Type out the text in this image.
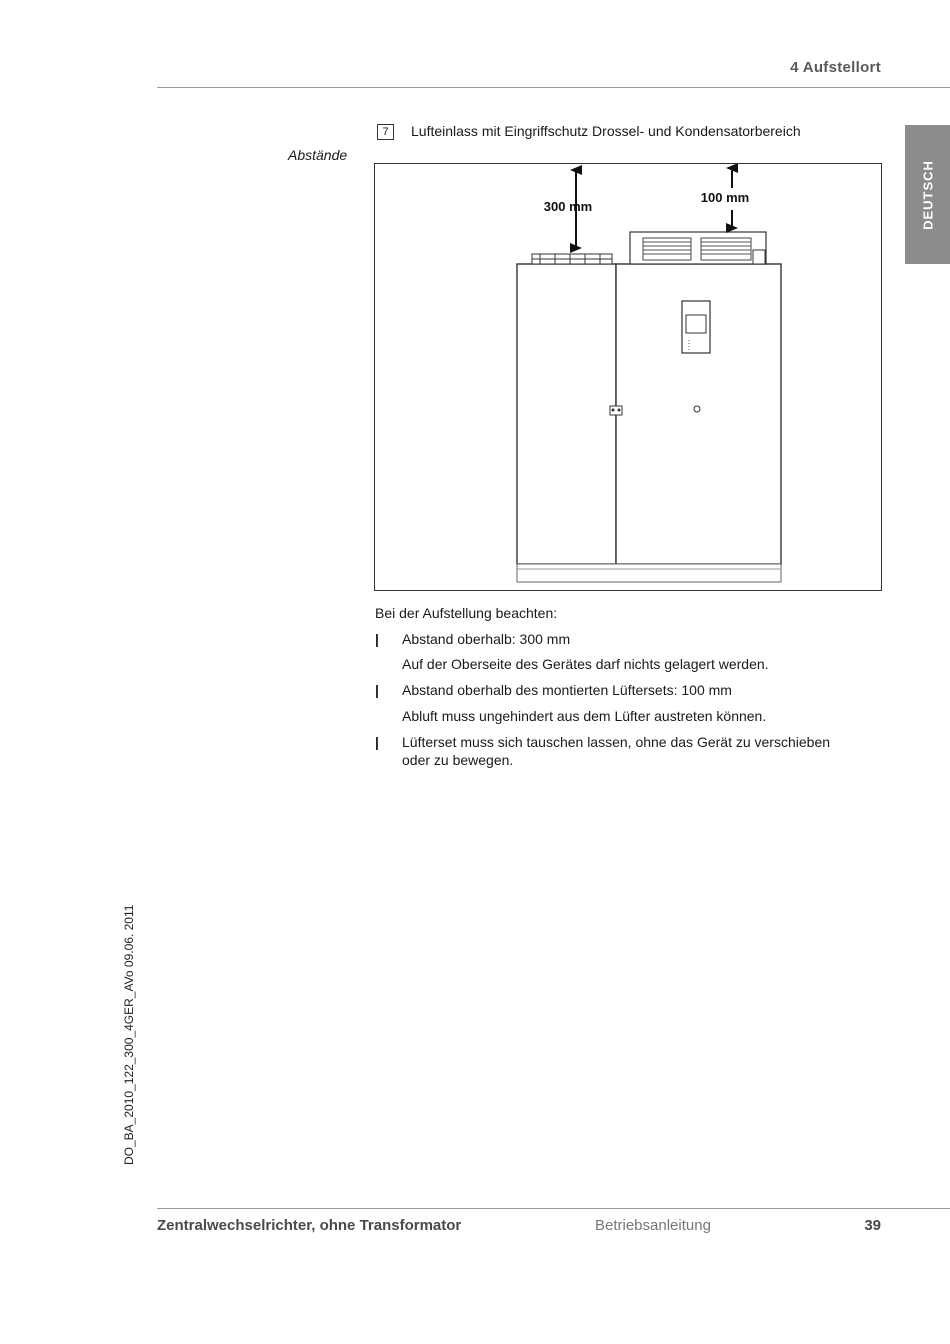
4 Aufstellort
DEUTSCH
7	Lufteinlass mit Eingriffschutz Drossel- und Kondensatorbereich
Abstände
300 mm
100 mm
Bei der Aufstellung beachten:
| Abstand oberhalb: 300 mm
Auf der Oberseite des Gerätes darf nichts gelagert werden.
| Abstand oberhalb des montierten Lüftersets: 100 mm
Abluft muss ungehindert aus dem Lüfter austreten können.
| Lüfterset muss sich tauschen lassen, ohne das Gerät zu verschieben
oder zu bewegen.
DO_BA_2010_122_300_4GER_AVo 09.06. 2011
Zentralwechselrichter, ohne Transformator	Betriebsanleitung	39
